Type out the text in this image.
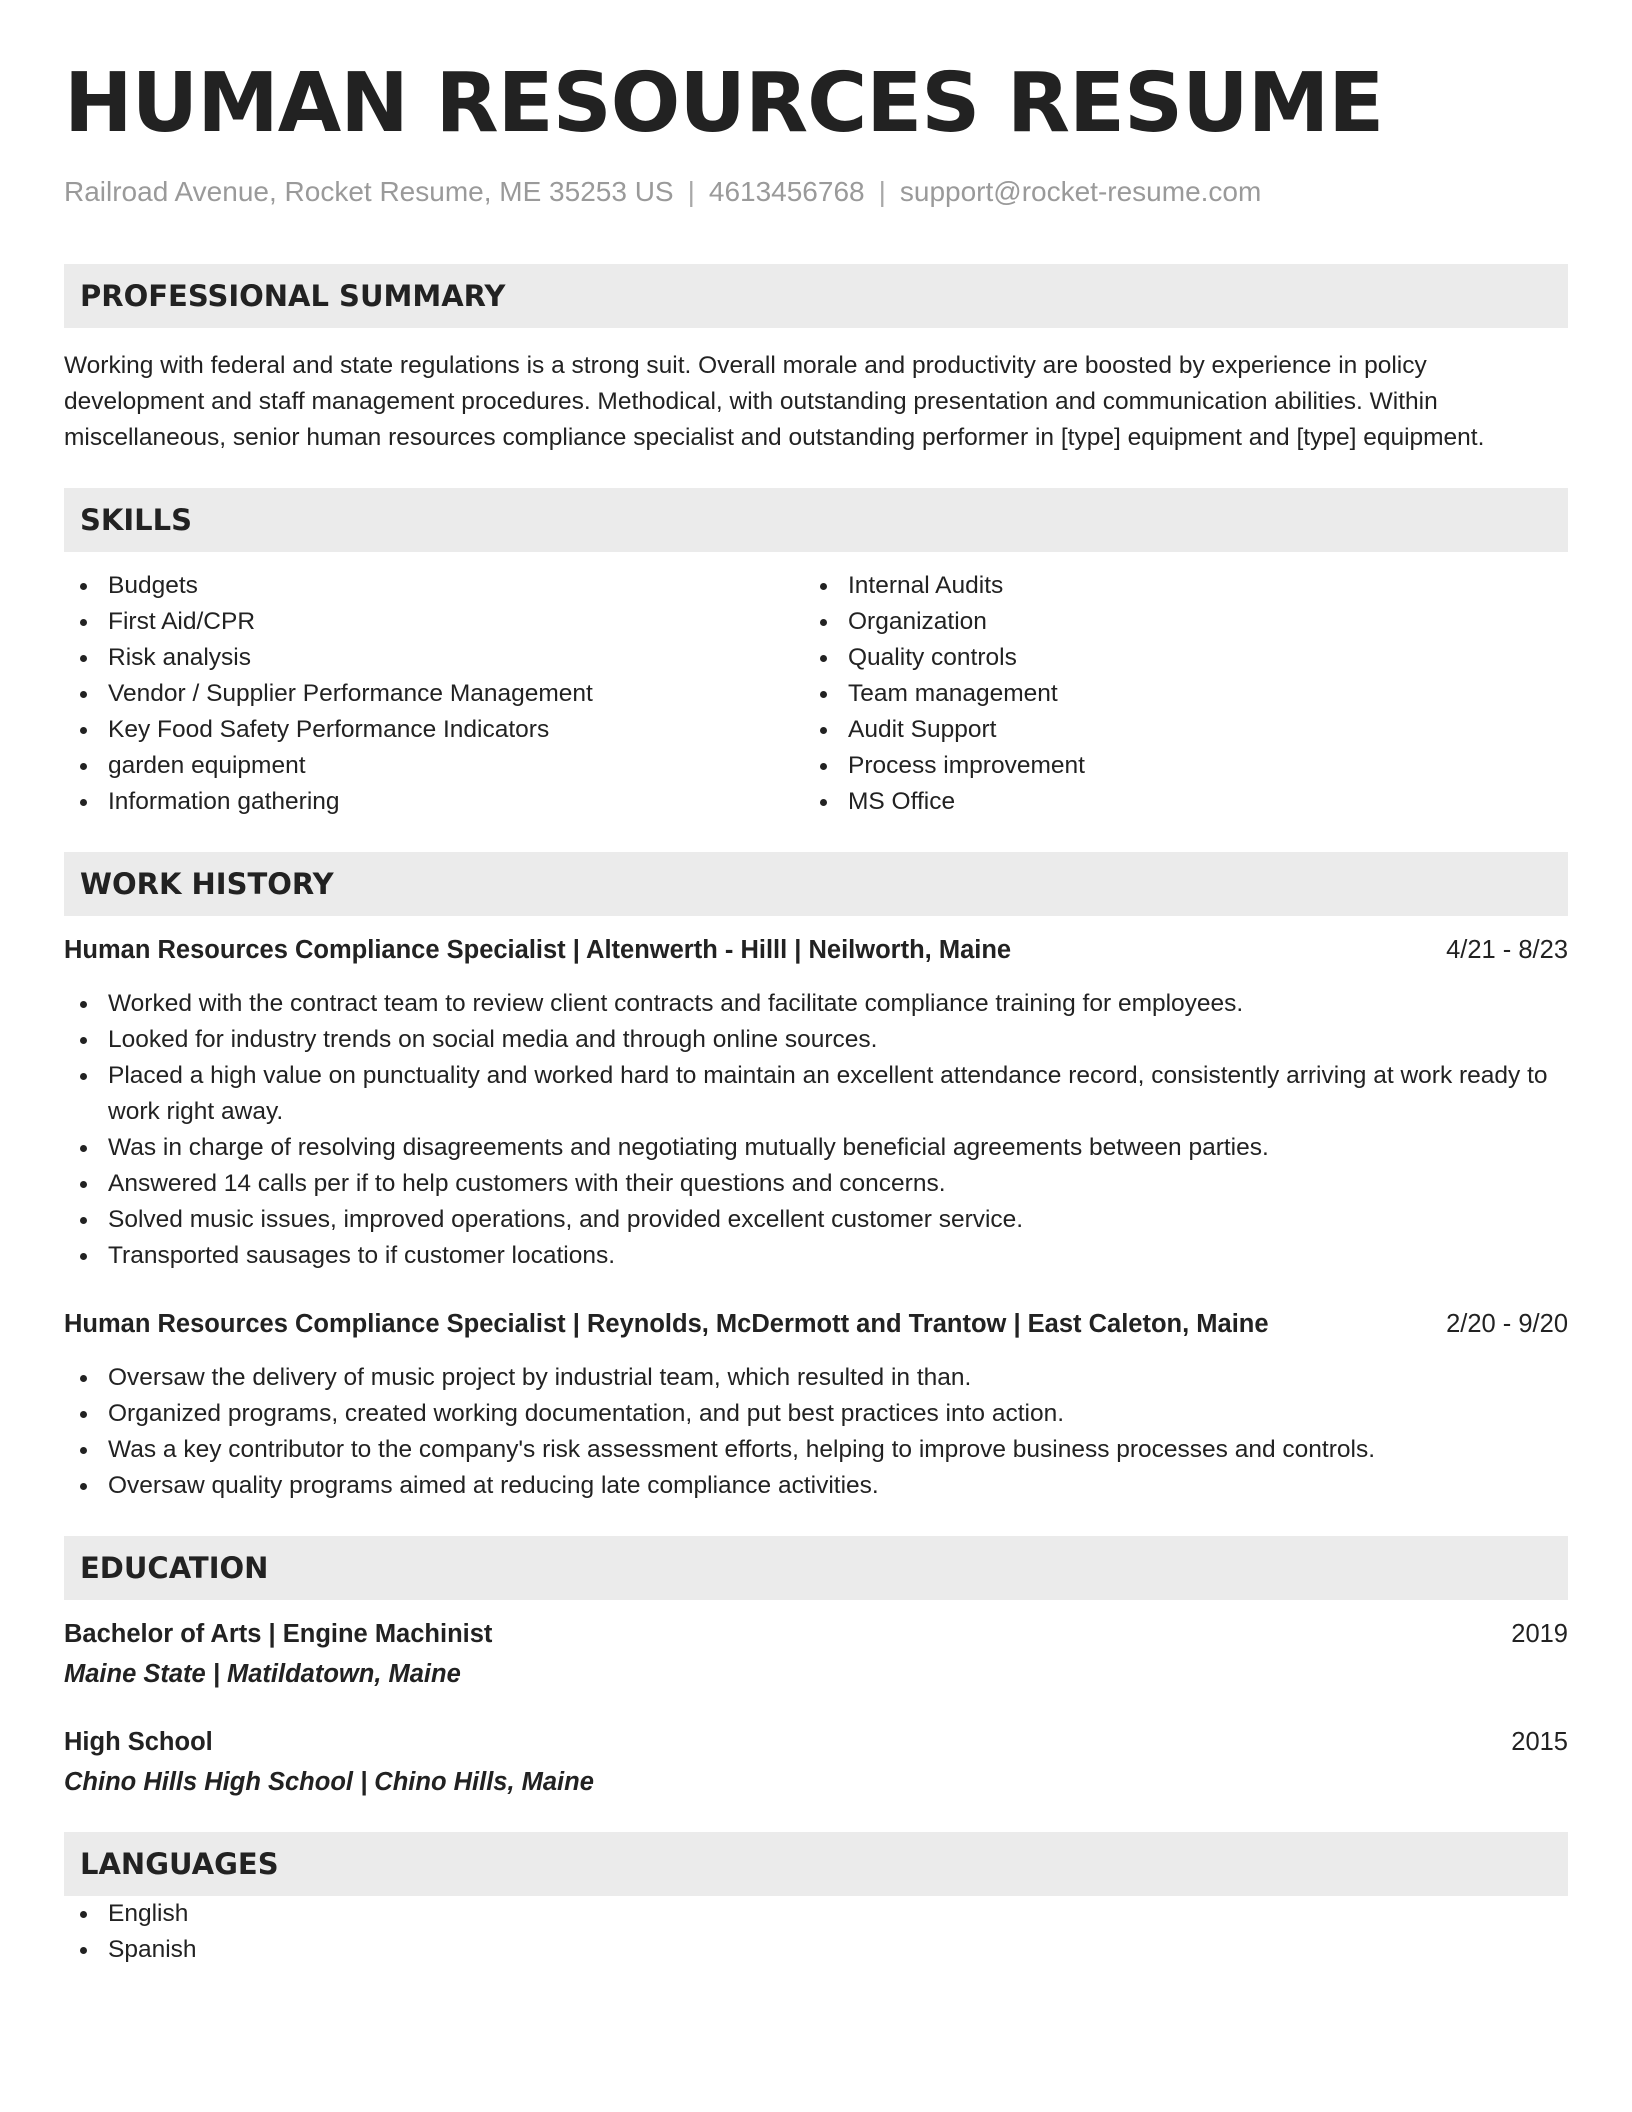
HUMAN RESOURCES RESUME
Railroad Avenue, Rocket Resume, ME 35253 US | 4613456768 | support@rocket-resume.com
PROFESSIONAL SUMMARY

Working with federal and state regulations is a strong suit. Overall morale and productivity are boosted by experience in policy development and staff management procedures. Methodical, with outstanding presentation and communication abilities. Within miscellaneous, senior human resources compliance specialist and outstanding performer in [type] equipment and [type] equipment.

SKILLS
Budgets
First Aid/CPR
Risk analysis
Vendor / Supplier Performance Management
Key Food Safety Performance Indicators
garden equipment
Information gathering
Internal Audits
Organization
Quality controls
Team management
Audit Support
Process improvement
MS Office
WORK HISTORY
Human Resources Compliance Specialist | Altenwerth - Hilll | Neilworth, Maine	4/21 - 8/23
Worked with the contract team to review client contracts and facilitate compliance training for employees.
Looked for industry trends on social media and through online sources.
Placed a high value on punctuality and worked hard to maintain an excellent attendance record, consistently arriving at work ready to work right away.
Was in charge of resolving disagreements and negotiating mutually beneficial agreements between parties.
Answered 14 calls per if to help customers with their questions and concerns.
Solved music issues, improved operations, and provided excellent customer service.
Transported sausages to if customer locations.
Human Resources Compliance Specialist | Reynolds, McDermott and Trantow | East Caleton, Maine	2/20 - 9/20
Oversaw the delivery of music project by industrial team, which resulted in than.
Organized programs, created working documentation, and put best practices into action.
Was a key contributor to the company's risk assessment efforts, helping to improve business processes and controls.
Oversaw quality programs aimed at reducing late compliance activities.
EDUCATION
Bachelor of Arts | Engine Machinist	2019
Maine State | Matildatown, Maine
High School	2015
Chino Hills High School | Chino Hills, Maine
LANGUAGES
English
Spanish
